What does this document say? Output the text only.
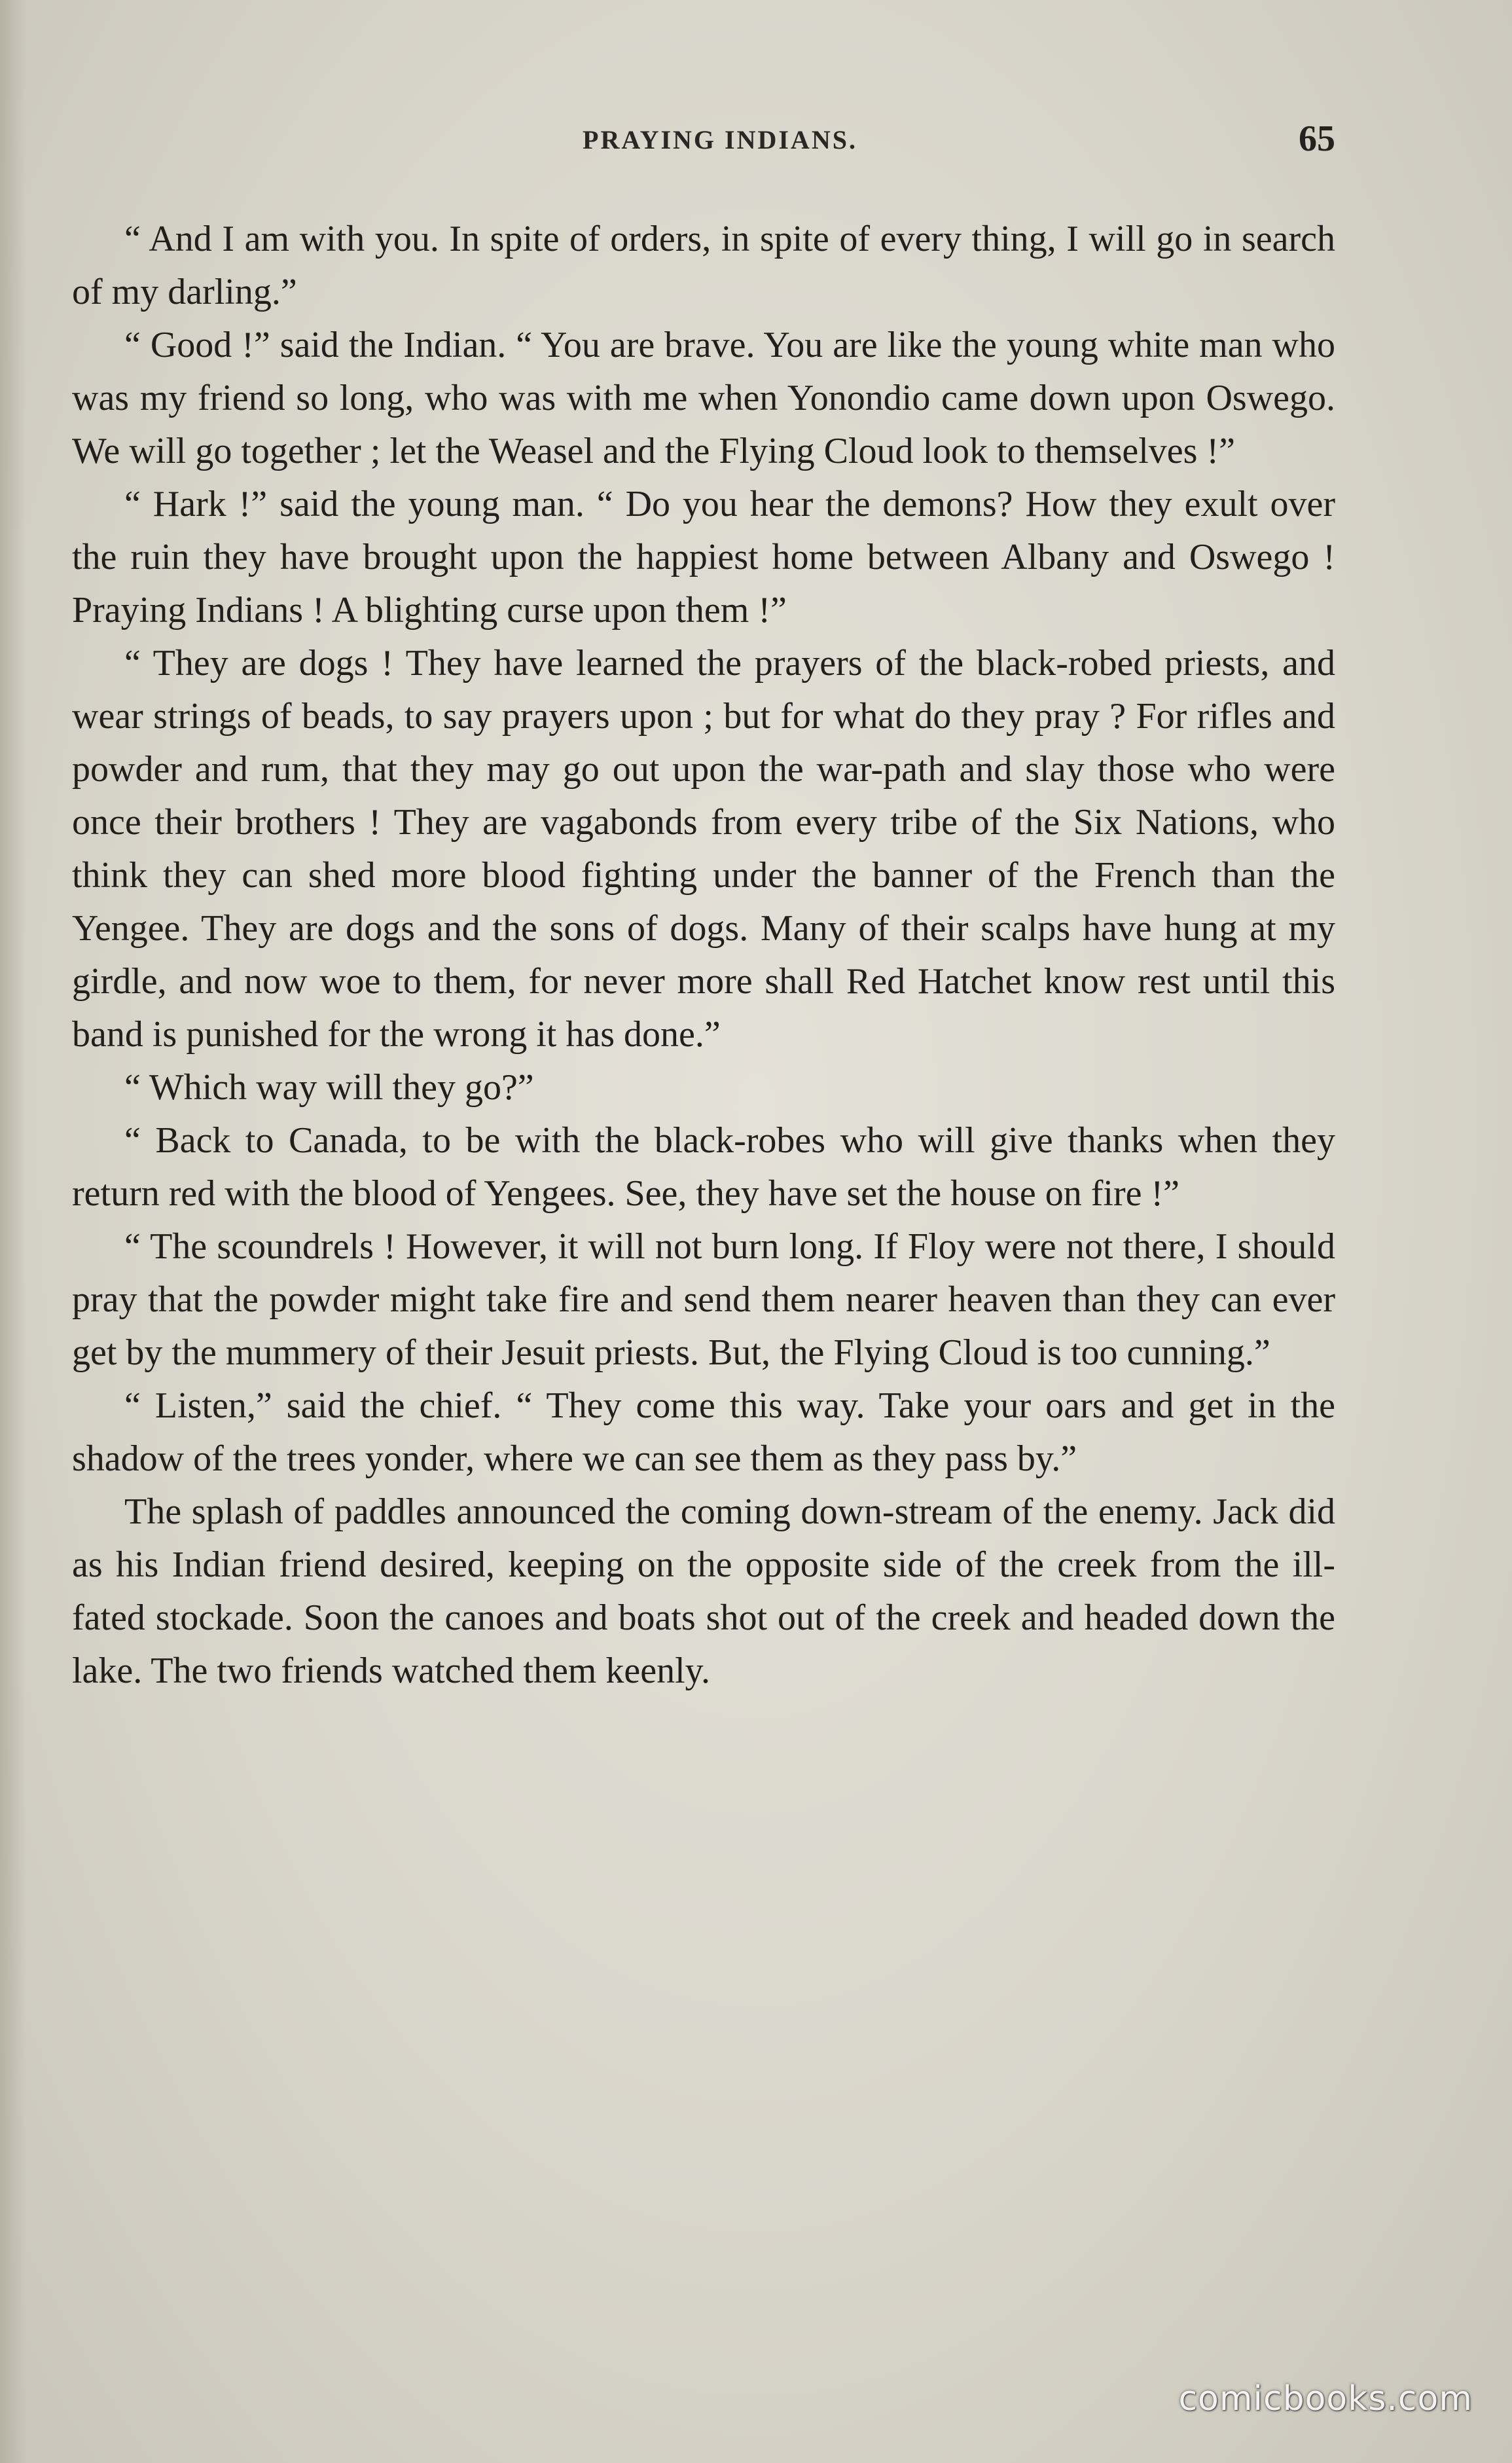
PRAYING INDIANS.	65

“ And I am with you. In spite of orders, in spite of every thing, I will go in search of my darling.”

“ Good !” said the Indian. “ You are brave. You are like the young white man who was my friend so long, who was with me when Yonondio came down upon Oswego. We will go together ; let the Weasel and the Flying Cloud look to themselves !”

“ Hark !” said the young man. “ Do you hear the demons? How they exult over the ruin they have brought upon the happiest home between Albany and Oswego ! Praying Indians ! A blighting curse upon them !”

“ They are dogs ! They have learned the prayers of the black-robed priests, and wear strings of beads, to say prayers upon ; but for what do they pray ? For rifles and powder and rum, that they may go out upon the war-path and slay those who were once their brothers ! They are vagabonds from every tribe of the Six Nations, who think they can shed more blood fighting under the banner of the French than the Yengee. They are dogs and the sons of dogs. Many of their scalps have hung at my girdle, and now woe to them, for never more shall Red Hatchet know rest until this band is punished for the wrong it has done.”

“ Which way will they go?”

“ Back to Canada, to be with the black-robes who will give thanks when they return red with the blood of Yengees. See, they have set the house on fire !”

“ The scoundrels ! However, it will not burn long. If Floy were not there, I should pray that the powder might take fire and send them nearer heaven than they can ever get by the mummery of their Jesuit priests. But, the Flying Cloud is too cunning.”

“ Listen,” said the chief. “ They come this way. Take your oars and get in the shadow of the trees yonder, where we can see them as they pass by.”

The splash of paddles announced the coming down-stream of the enemy. Jack did as his Indian friend desired, keeping on the opposite side of the creek from the ill-fated stockade. Soon the canoes and boats shot out of the creek and headed down the lake. The two friends watched them keenly.

comicbooks.com
